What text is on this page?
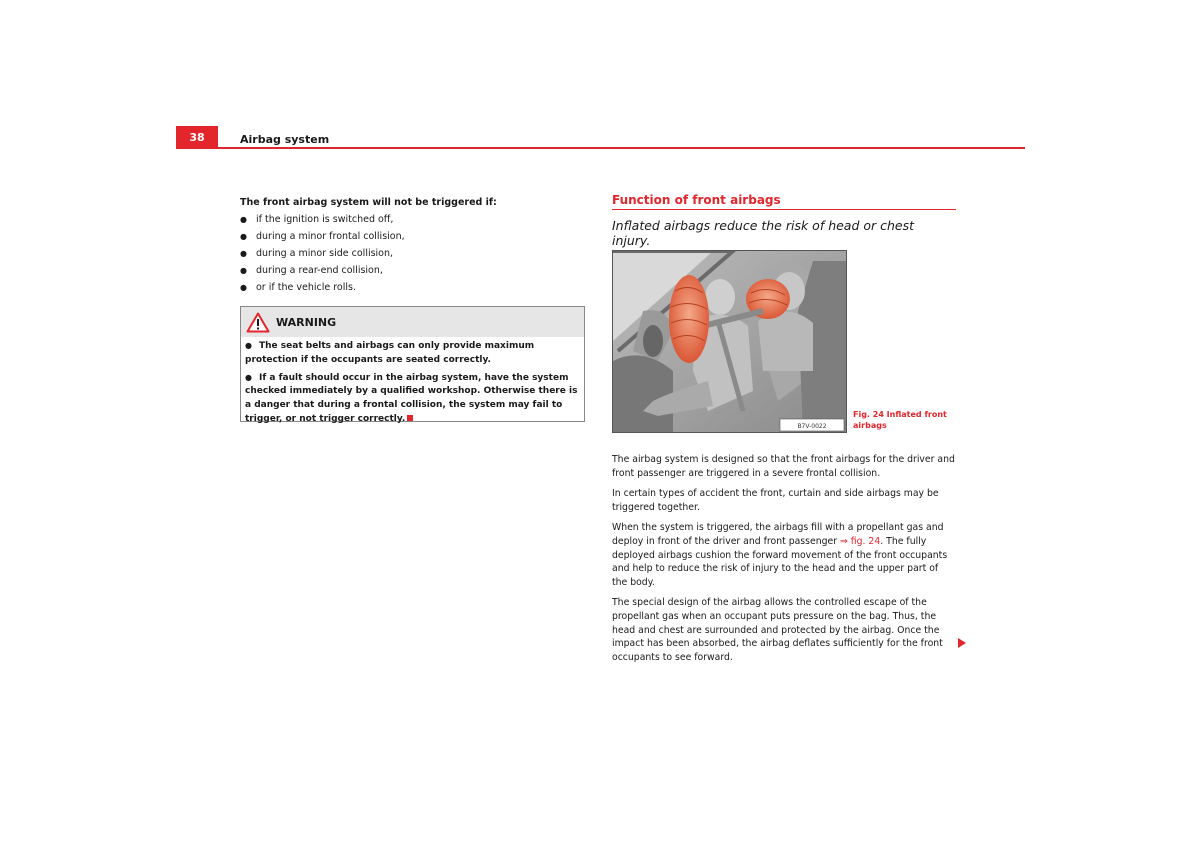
38	Airbag system
The front airbag system will not be triggered if:
● if the ignition is switched off,
● during a minor frontal collision,
● during a minor side collision,
● during a rear-end collision,
● or if the vehicle rolls.
WARNING

● The seat belts and airbags can only provide maximum protection if the occupants are seated correctly.

● If a fault should occur in the airbag system, have the system checked immediately by a qualified workshop. Otherwise there is a danger that during a frontal collision, the system may fail to trigger, or not trigger correctly.

Function of front airbags
Inflated airbags reduce the risk of head or chest injury.
B7V-0022
Fig. 24 Inflated front airbags

The airbag system is designed so that the front airbags for the driver and front passenger are triggered in a severe frontal collision.

In certain types of accident the front, curtain and side airbags may be triggered together.

When the system is triggered, the airbags fill with a propellant gas and deploy in front of the driver and front passenger ⇒ fig. 24. The fully deployed airbags cushion the forward movement of the front occupants and help to reduce the risk of injury to the head and the upper part of the body.

The special design of the airbag allows the controlled escape of the propellant gas when an occupant puts pressure on the bag. Thus, the head and chest are surrounded and protected by the airbag. Once the impact has been absorbed, the airbag deflates sufficiently for the front occupants to see forward.
